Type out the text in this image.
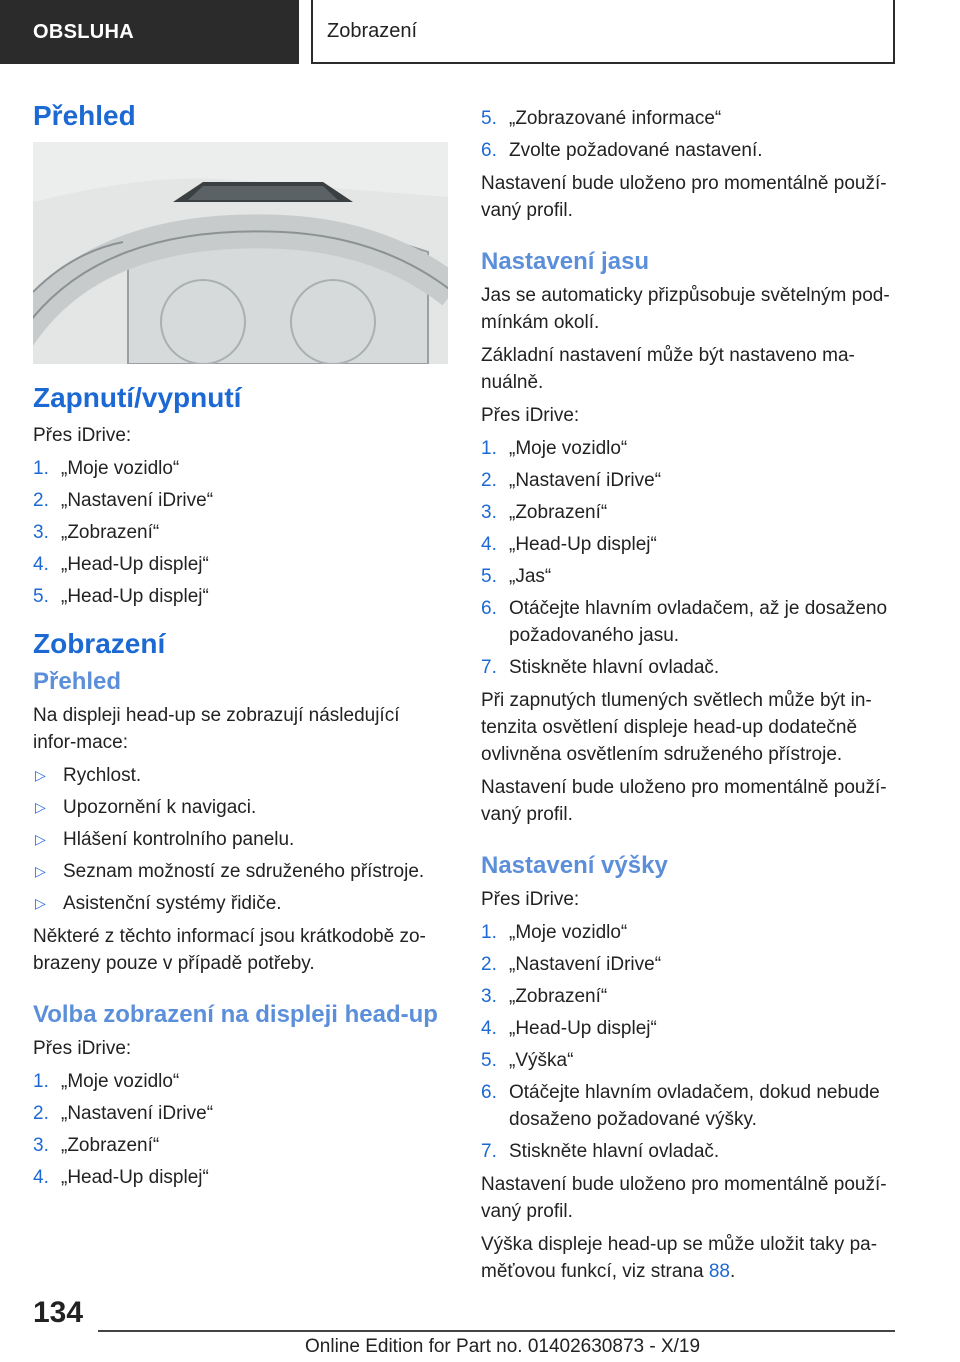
OBSLUHA	Zobrazení
Přehled
Zapnutí/vypnutí

Přes iDrive:

1. „Moje vozidlo“
2. „Nastavení iDrive“
3. „Zobrazení“
4. „Head-Up displej“
5. „Head-Up displej“
Zobrazení
Přehled

Na displeji head-up se zobrazují následující infor-mace:

▷ Rychlost.
▷ Upozornění k navigaci.
▷ Hlášení kontrolního panelu.
▷ Seznam možností ze sdruženého přístroje.
▷ Asistenční systémy řidiče.

Některé z těchto informací jsou krátkodobě zo-brazeny pouze v případě potřeby.

Volba zobrazení na displeji head-up

Přes iDrive:

1. „Moje vozidlo“
2. „Nastavení iDrive“
3. „Zobrazení“
4. „Head-Up displej“
5. „Zobrazované informace“
6. Zvolte požadované nastavení.

Nastavení bude uloženo pro momentálně použí-vaný profil.

Nastavení jasu

Jas se automaticky přizpůsobuje světelným pod-mínkám okolí.

Základní nastavení může být nastaveno ma-nuálně.

Přes iDrive:

1. „Moje vozidlo“
2. „Nastavení iDrive“
3. „Zobrazení“
4. „Head-Up displej“
5. „Jas“
6. Otáčejte hlavním ovladačem, až je dosaženo požadovaného jasu.
7. Stiskněte hlavní ovladač.

Při zapnutých tlumených světlech může být in-tenzita osvětlení displeje head-up dodatečně ovlivněna osvětlením sdruženého přístroje.

Nastavení bude uloženo pro momentálně použí-vaný profil.

Nastavení výšky

Přes iDrive:

1. „Moje vozidlo“
2. „Nastavení iDrive“
3. „Zobrazení“
4. „Head-Up displej“
5. „Výška“
6. Otáčejte hlavním ovladačem, dokud nebude dosaženo požadované výšky.
7. Stiskněte hlavní ovladač.

Nastavení bude uloženo pro momentálně použí-vaný profil.

Výška displeje head-up se může uložit taky pa-měťovou funkcí, viz strana 88.

134
Online Edition for Part no. 01402630873 - X/19
